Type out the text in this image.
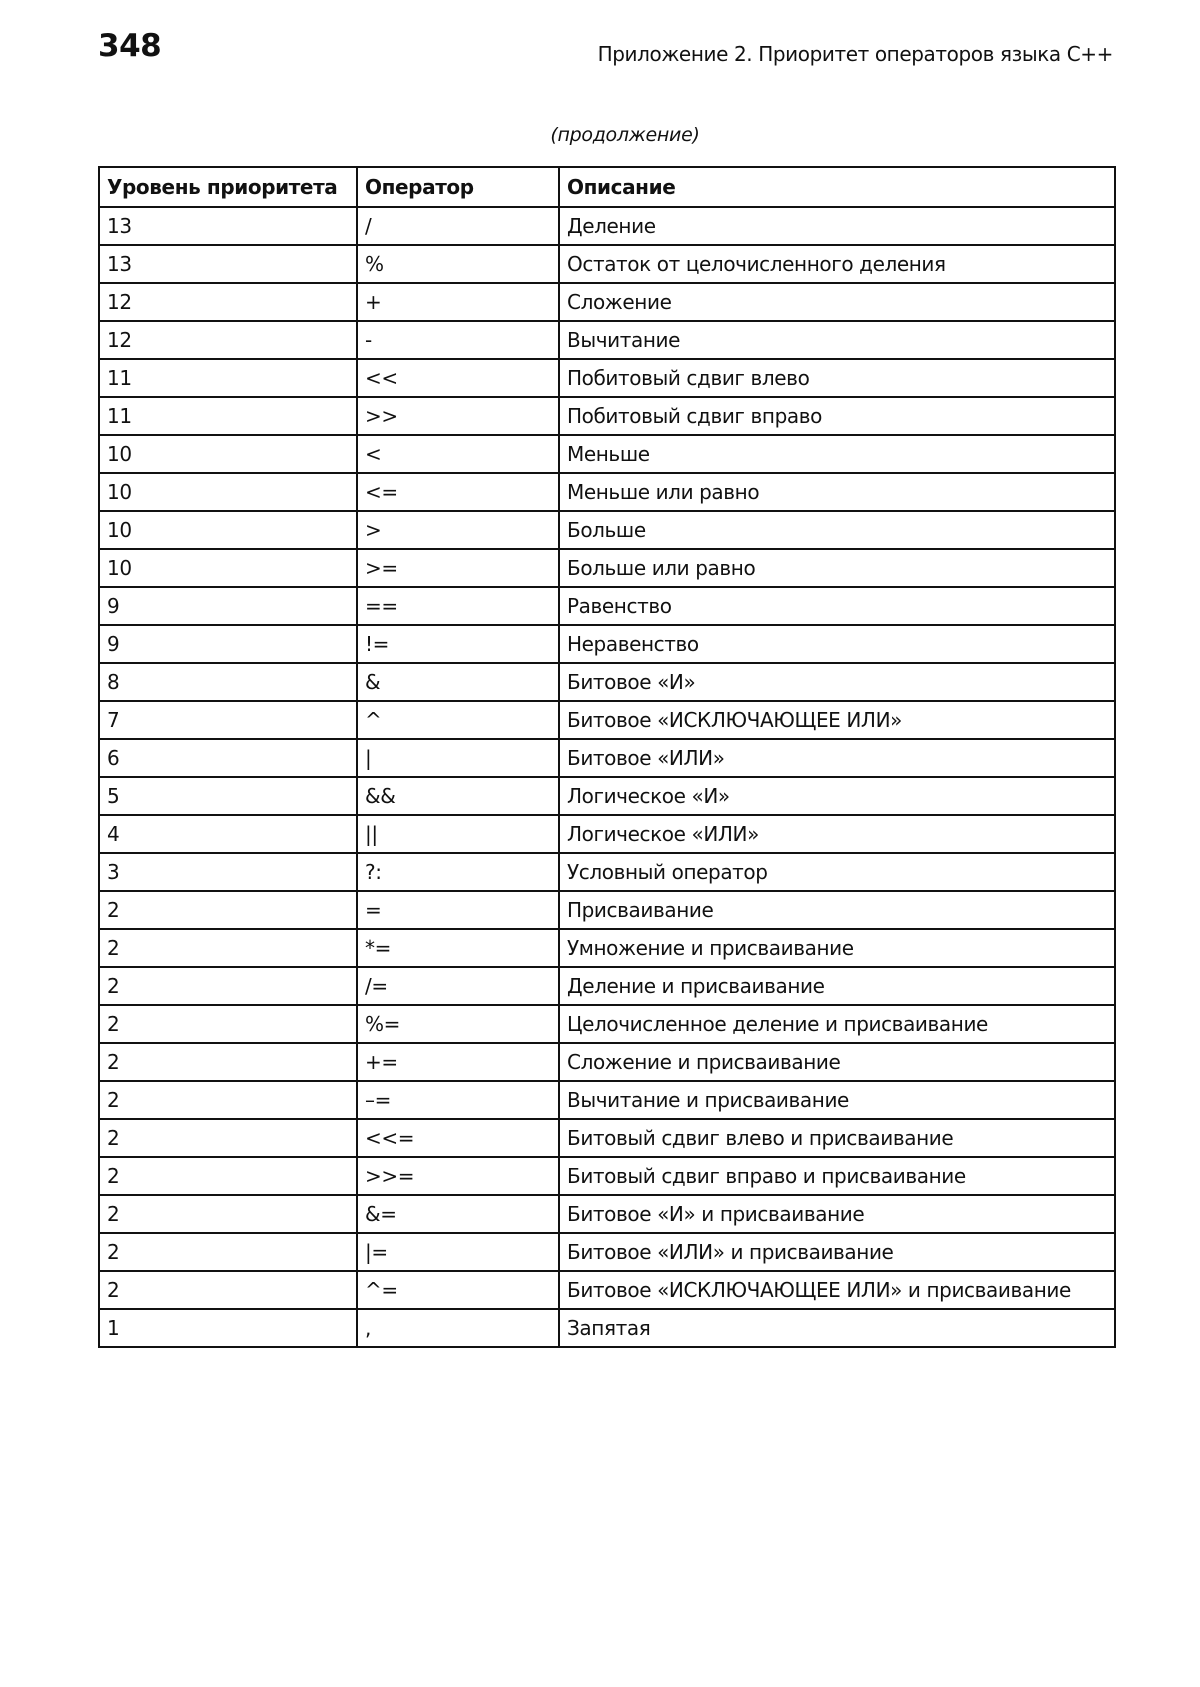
348	Приложение 2. Приоритет операторов языка С++
(продолжение)
Уровень приоритета	Оператор	Описание
13	/	Деление
13	%	Остаток от целочисленного деления
12	+	Сложение
12	-	Вычитание
11	<<	Побитовый сдвиг влево
11	>>	Побитовый сдвиг вправо
10	<	Меньше
10	<=	Меньше или равно
10	>	Больше
10	>=	Больше или равно
9	==	Равенство
9	!=	Неравенство
8	&	Битовое «И»
7	^	Битовое «ИСКЛЮЧАЮЩЕЕ ИЛИ»
6	|	Битовое «ИЛИ»
5	&&	Логическое «И»
4	||	Логическое «ИЛИ»
3	?:	Условный оператор
2	=	Присваивание
2	*=	Умножение и присваивание
2	/=	Деление и присваивание
2	%=	Целочисленное деление и присваивание
2	+=	Сложение и присваивание
2	–=	Вычитание и присваивание
2	<<=	Битовый сдвиг влево и присваивание
2	>>=	Битовый сдвиг вправо и присваивание
2	&=	Битовое «И» и присваивание
2	|=	Битовое «ИЛИ» и присваивание
2	^=	Битовое «ИСКЛЮЧАЮЩЕЕ ИЛИ» и присваивание
1	,	Запятая
